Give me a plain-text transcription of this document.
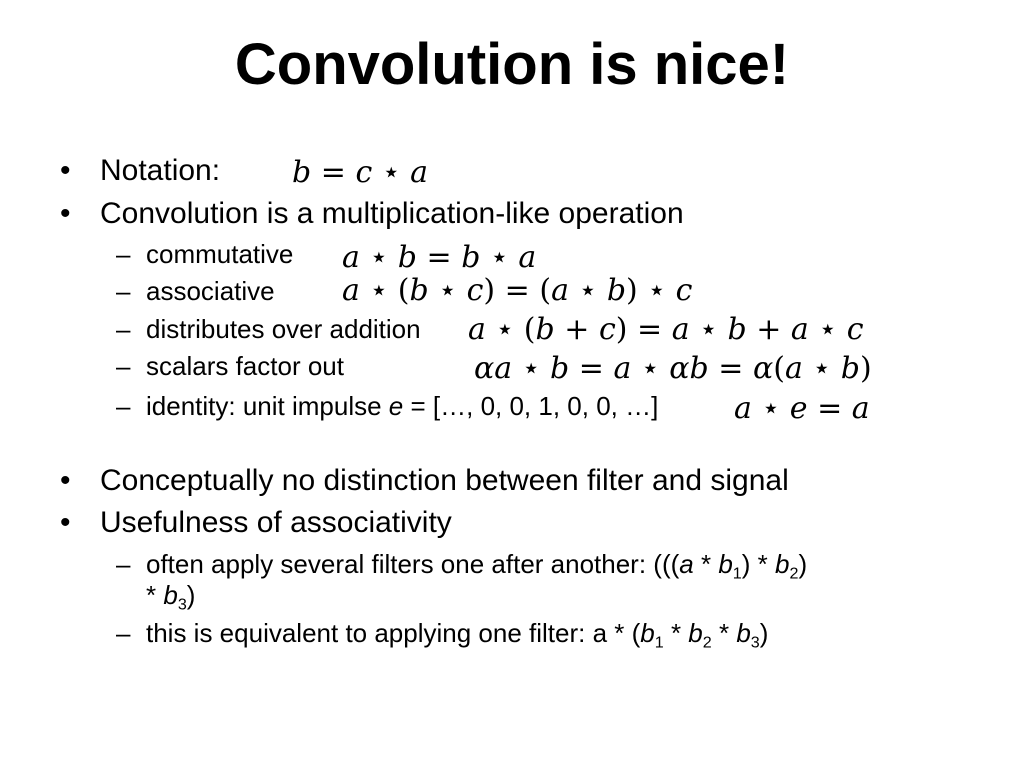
Convolution is nice!
• Notation: b = c ⋆ a
• Convolution is a multiplication-like operation
– commutative a ⋆ b = b ⋆ a
– associative a ⋆ (b ⋆ c) = (a ⋆ b) ⋆ c
– distributes over addition a ⋆ (b + c) = a ⋆ b + a ⋆ c
– scalars factor out	αa ⋆ b = a ⋆ αb = α(a ⋆ b)
– identity: unit impulse e = […, 0, 0, 1, 0, 0, …]	a ⋆ e = a
• Conceptually no distinction between filter and signal
• Usefulness of associativity
– often apply several filters one after another: ($((a * b_1) * b_2)$
* $b_3$)
– this is equivalent to applying one filter: a * $(b_1 * b_2 * b_3)$
